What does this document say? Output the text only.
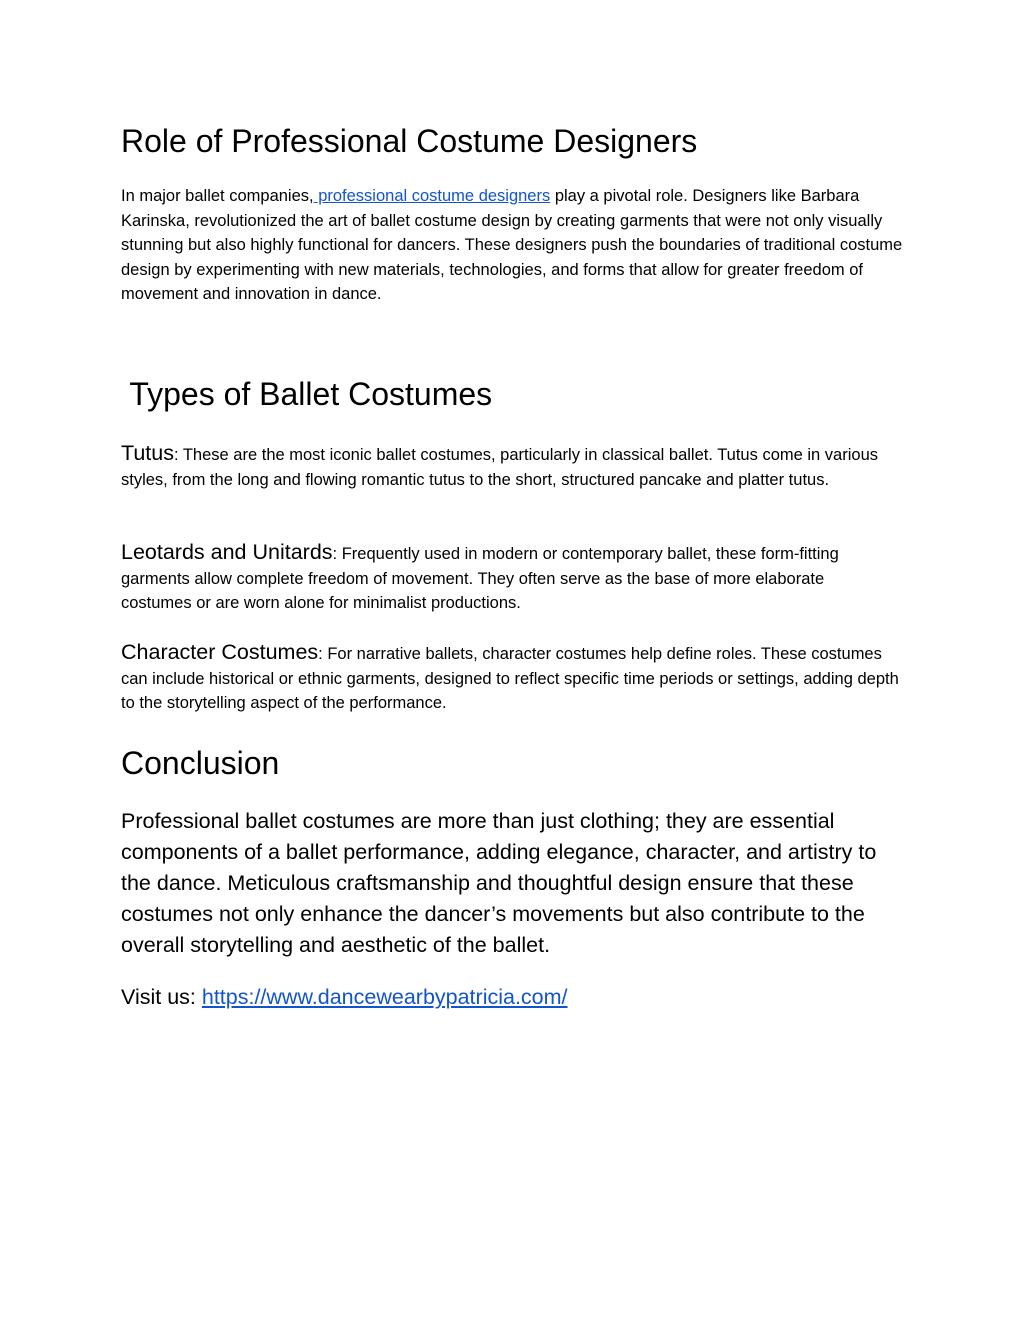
Role of Professional Costume Designers

In major ballet companies, professional costume designers play a pivotal role. Designers like Barbara Karinska, revolutionized the art of ballet costume design by creating garments that were not only visually stunning but also highly functional for dancers. These designers push the boundaries of traditional costume design by experimenting with new materials, technologies, and forms that allow for greater freedom of movement and innovation in dance.

Types of Ballet Costumes

Tutus: These are the most iconic ballet costumes, particularly in classical ballet. Tutus come in various styles, from the long and flowing romantic tutus to the short, structured pancake and platter tutus.

Leotards and Unitards: Frequently used in modern or contemporary ballet, these form-fitting garments allow complete freedom of movement. They often serve as the base of more elaborate costumes or are worn alone for minimalist productions.

Character Costumes: For narrative ballets, character costumes help define roles. These costumes can include historical or ethnic garments, designed to reflect specific time periods or settings, adding depth to the storytelling aspect of the performance.

Conclusion

Professional ballet costumes are more than just clothing; they are essential components of a ballet performance, adding elegance, character, and artistry to the dance. Meticulous craftsmanship and thoughtful design ensure that these costumes not only enhance the dancer’s movements but also contribute to the overall storytelling and aesthetic of the ballet.

Visit us: https://www.dancewearbypatricia.com/
